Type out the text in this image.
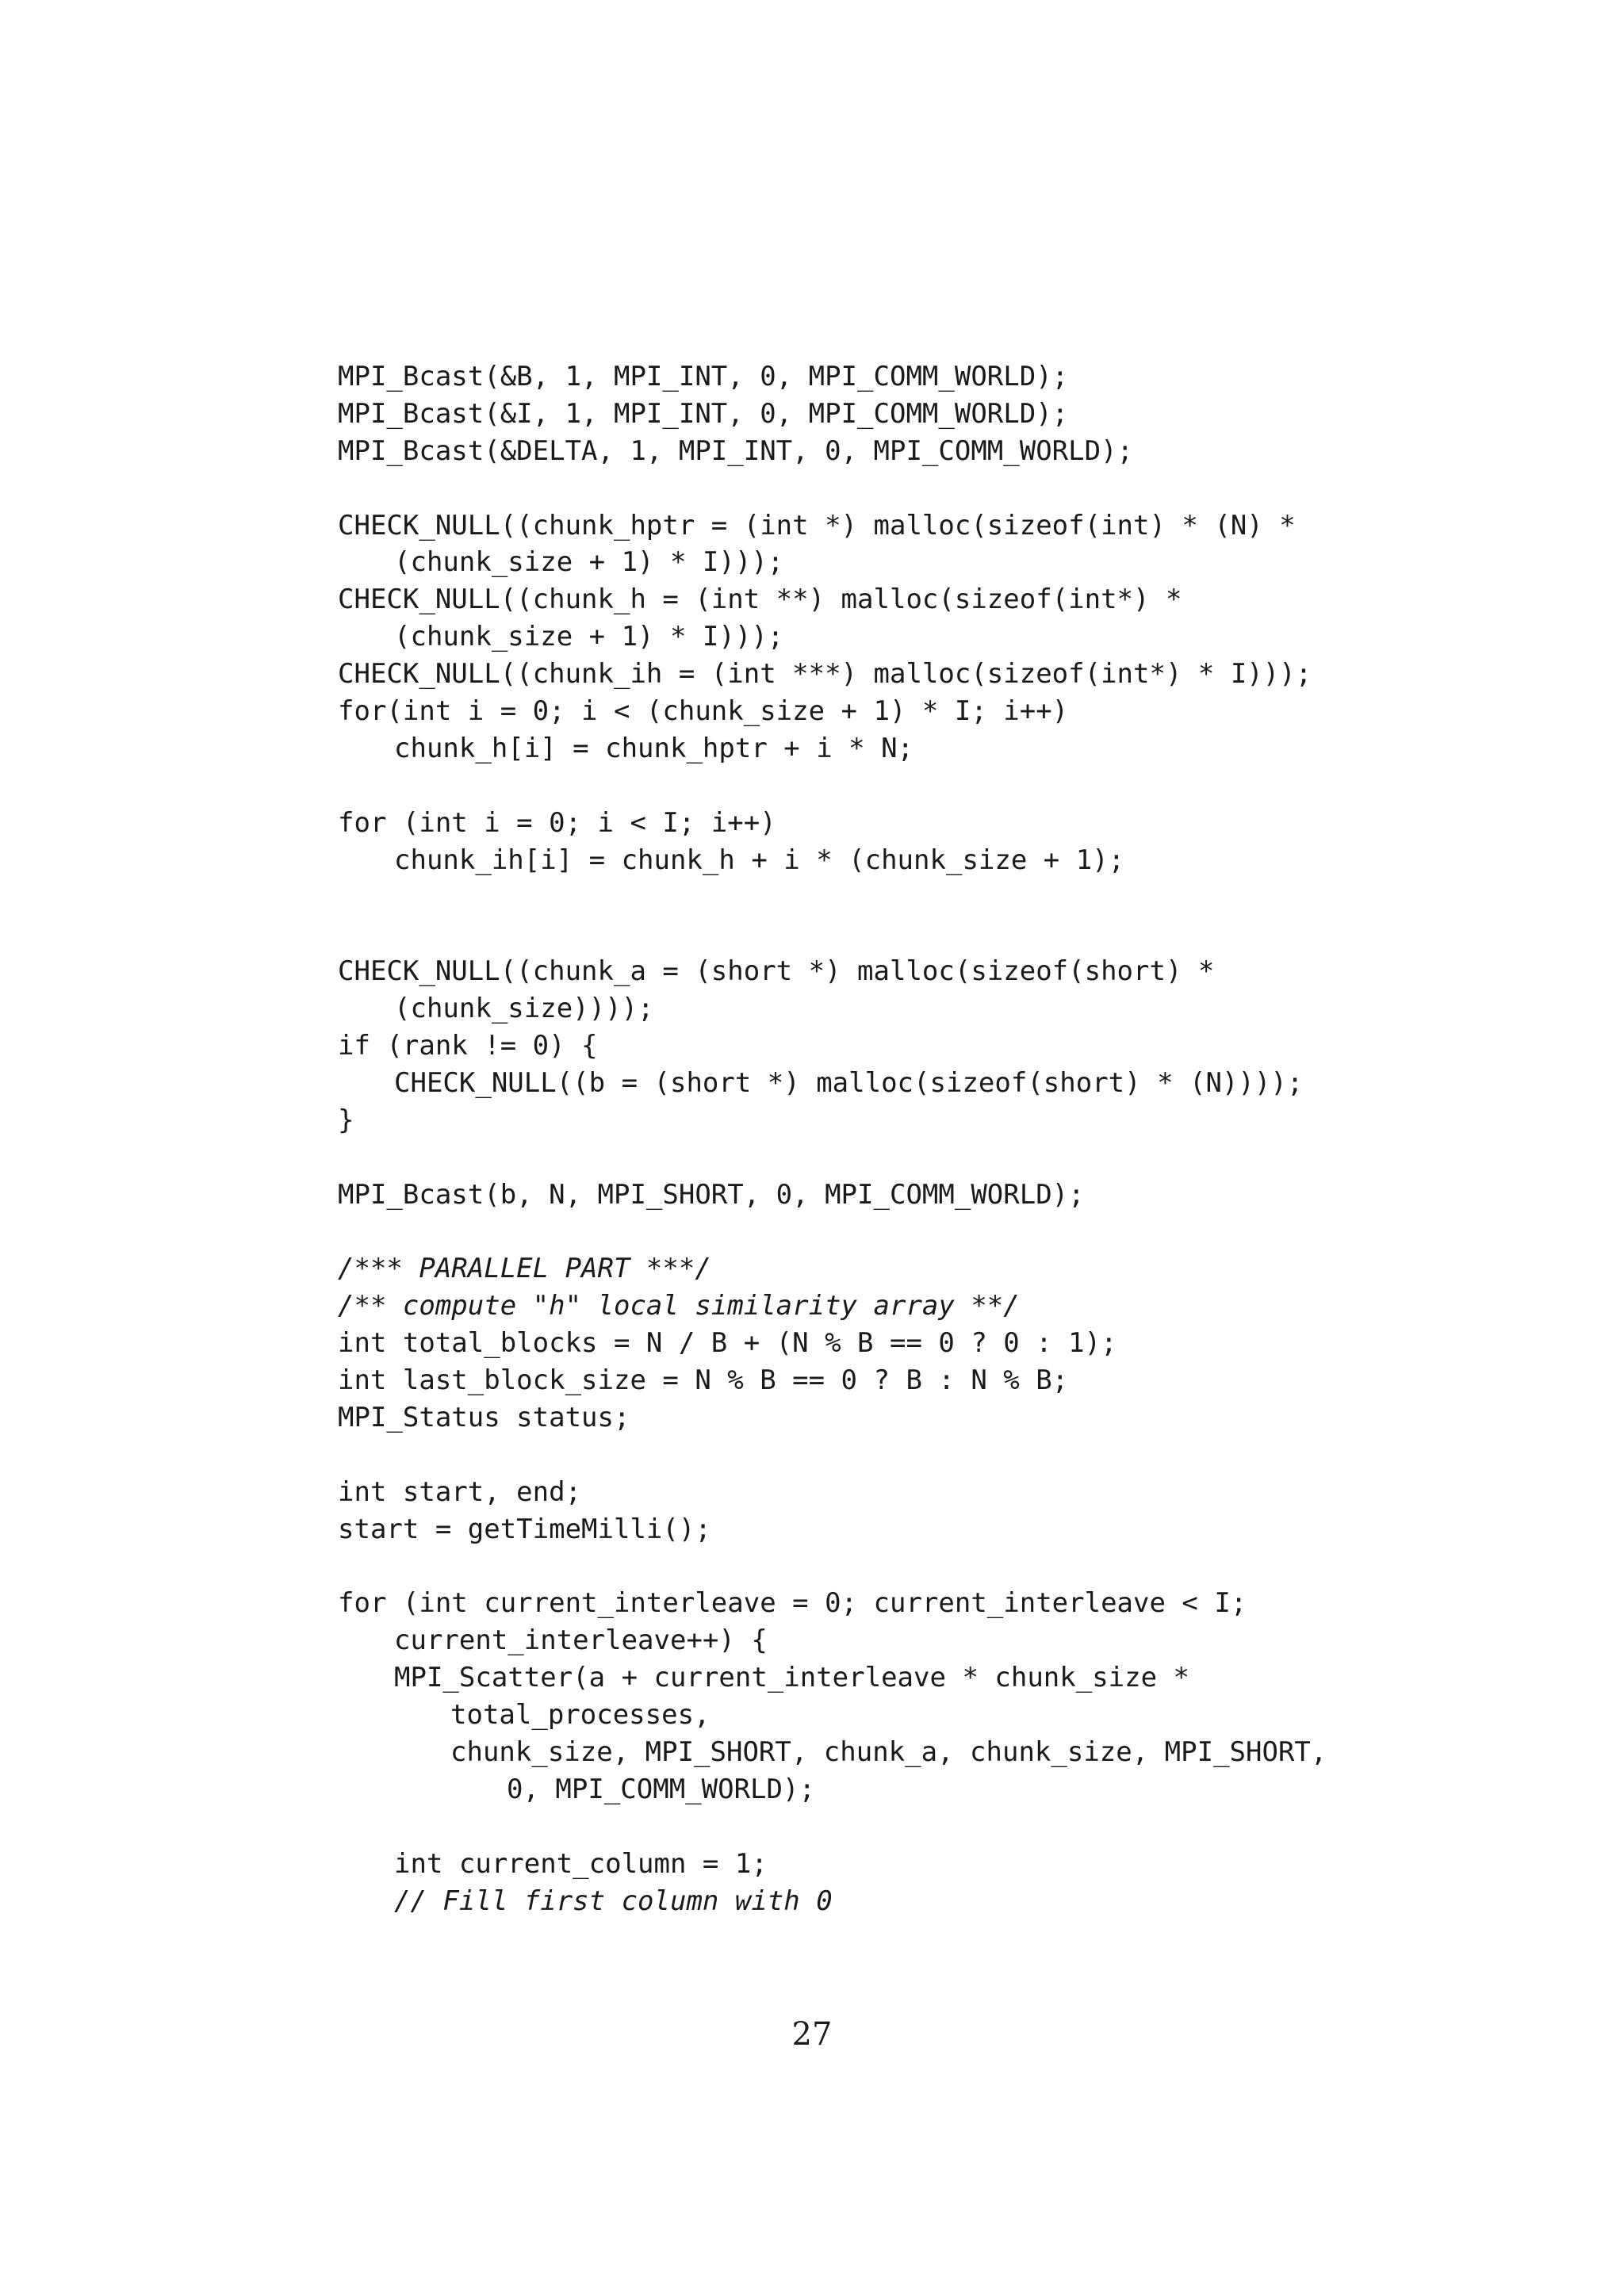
MPI_Bcast(&B, 1, MPI_INT, 0, MPI_COMM_WORLD);
MPI_Bcast(&I, 1, MPI_INT, 0, MPI_COMM_WORLD);
MPI_Bcast(&DELTA, 1, MPI_INT, 0, MPI_COMM_WORLD);
CHECK_NULL((chunk_hptr = (int *) malloc(sizeof(int) * (N) *
(chunk_size + 1) * I)));
CHECK_NULL((chunk_h = (int **) malloc(sizeof(int*) *
(chunk_size + 1) * I)));
CHECK_NULL((chunk_ih = (int ***) malloc(sizeof(int*) * I)));
for(int i = 0; i < (chunk_size + 1) * I; i++)
chunk_h[i] = chunk_hptr + i * N;
for (int i = 0; i < I; i++)
chunk_ih[i] = chunk_h + i * (chunk_size + 1);
CHECK_NULL((chunk_a = (short *) malloc(sizeof(short) *
(chunk_size))));
if (rank != 0) {
CHECK_NULL((b = (short *) malloc(sizeof(short) * (N))));
}
MPI_Bcast(b, N, MPI_SHORT, 0, MPI_COMM_WORLD);
/*** PARALLEL PART ***/
/** compute "h" local similarity array **/
int total_blocks = N / B + (N % B == 0 ? 0 : 1);
int last_block_size = N % B == 0 ? B : N % B;
MPI_Status status;
int start, end;
start = getTimeMilli();
for (int current_interleave = 0; current_interleave < I;
current_interleave++) {
MPI_Scatter(a + current_interleave * chunk_size *
total_processes,
chunk_size, MPI_SHORT, chunk_a, chunk_size, MPI_SHORT,
0, MPI_COMM_WORLD);
int current_column = 1;
// Fill first column with 0
27
